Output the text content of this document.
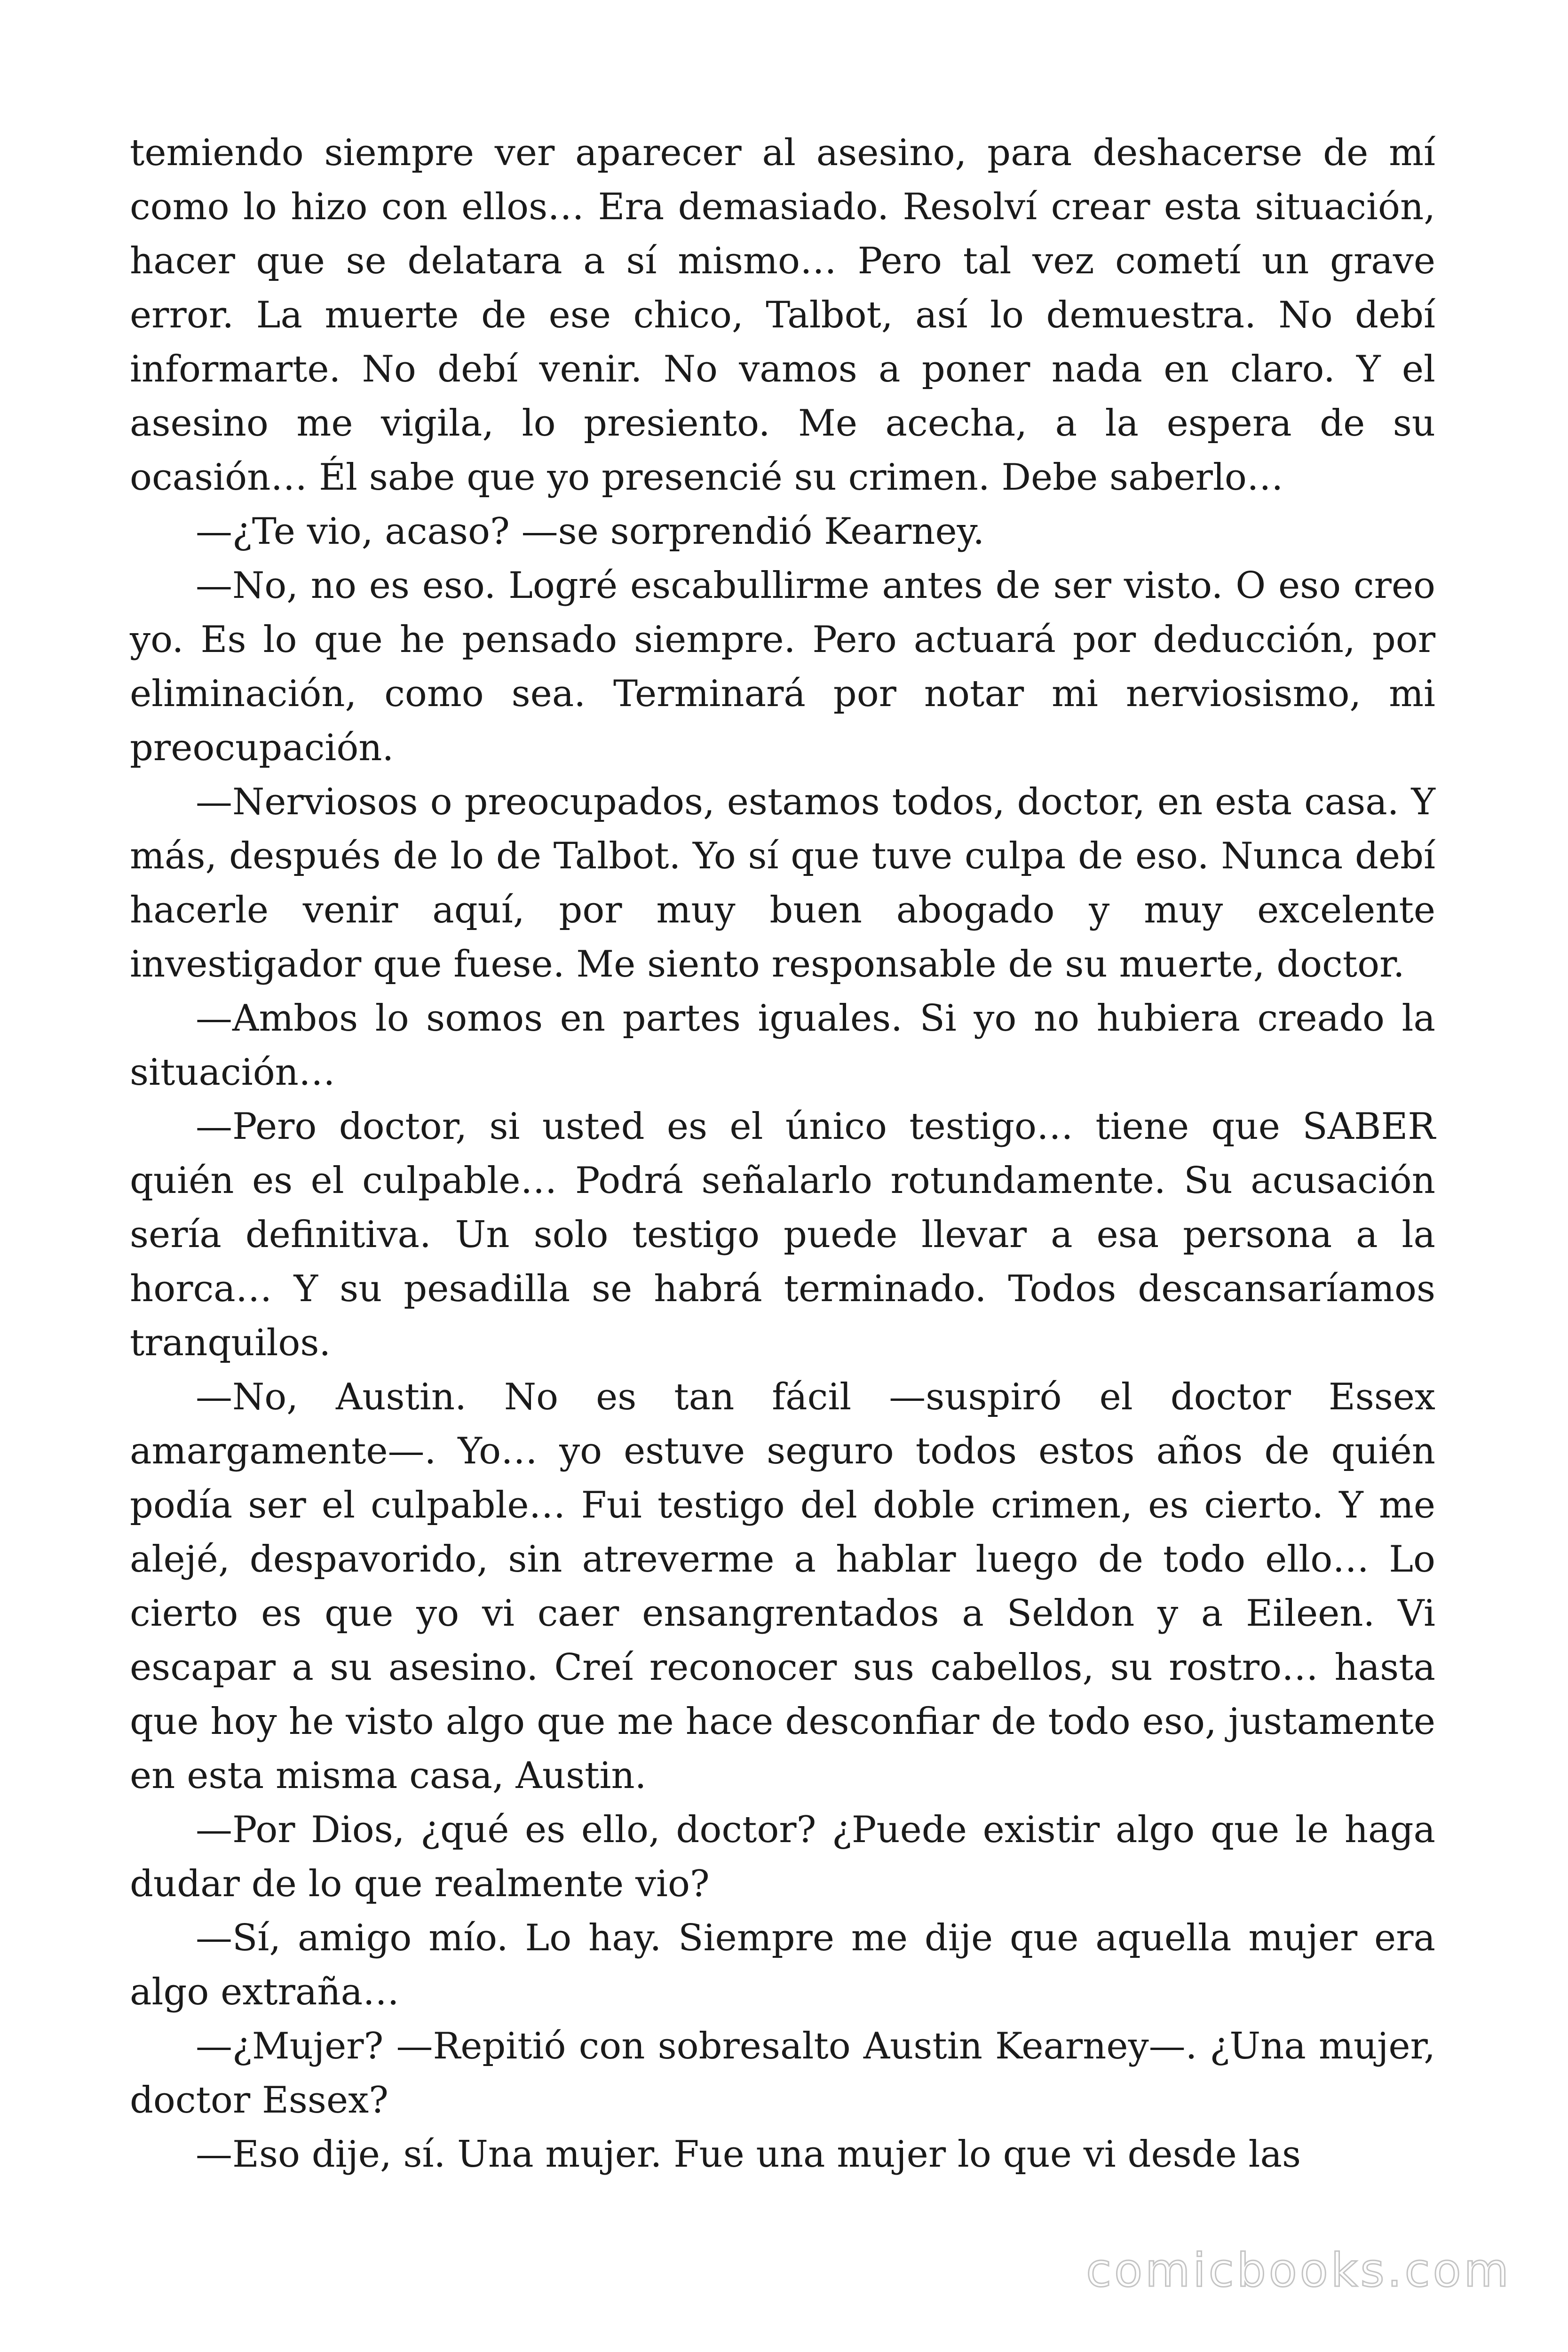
temiendo siempre ver aparecer al asesino, para deshacerse de mí como lo hizo con ellos… Era demasiado. Resolví crear esta situación, hacer que se delatara a sí mismo… Pero tal vez cometí un grave error. La muerte de ese chico, Talbot, así lo demuestra. No debí informarte. No debí venir. No vamos a poner nada en claro. Y el asesino me vigila, lo presiento. Me acecha, a la espera de su ocasión… Él sabe que yo presencié su crimen. Debe saberlo…

—¿Te vio, acaso? —se sorprendió Kearney.

—No, no es eso. Logré escabullirme antes de ser visto. O eso creo yo. Es lo que he pensado siempre. Pero actuará por deducción, por eliminación, como sea. Terminará por notar mi nerviosismo, mi preocupación.

—Nerviosos o preocupados, estamos todos, doctor, en esta casa. Y más, después de lo de Talbot. Yo sí que tuve culpa de eso. Nunca debí hacerle venir aquí, por muy buen abogado y muy excelente investigador que fuese. Me siento responsable de su muerte, doctor.

—Ambos lo somos en partes iguales. Si yo no hubiera creado la situación…

—Pero doctor, si usted es el único testigo… tiene que SABER quién es el culpable… Podrá señalarlo rotundamente. Su acusación sería definitiva. Un solo testigo puede llevar a esa persona a la horca… Y su pesadilla se habrá terminado. Todos descansaríamos tranquilos.

—No, Austin. No es tan fácil —suspiró el doctor Essex amargamente—. Yo… yo estuve seguro todos estos años de quién podía ser el culpable… Fui testigo del doble crimen, es cierto. Y me alejé, despavorido, sin atreverme a hablar luego de todo ello… Lo cierto es que yo vi caer ensangrentados a Seldon y a Eileen. Vi escapar a su asesino. Creí reconocer sus cabellos, su rostro… hasta que hoy he visto algo que me hace desconfiar de todo eso, justamente en esta misma casa, Austin.

—Por Dios, ¿qué es ello, doctor? ¿Puede existir algo que le haga dudar de lo que realmente vio?

—Sí, amigo mío. Lo hay. Siempre me dije que aquella mujer era algo extraña…

—¿Mujer? —Repitió con sobresalto Austin Kearney—. ¿Una mujer, doctor Essex?

—Eso dije, sí. Una mujer. Fue una mujer lo que vi desde las

comicbooks.com
